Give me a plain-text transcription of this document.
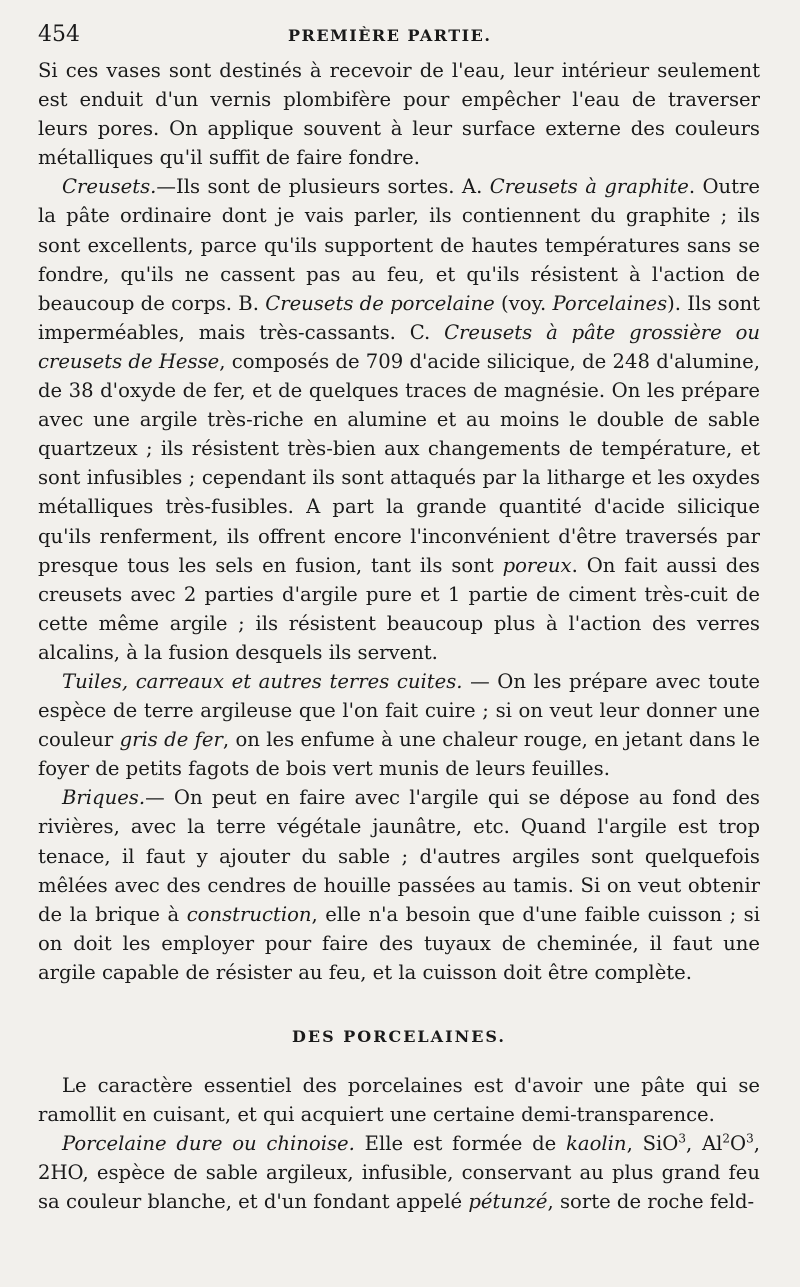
454	PREMIÈRE PARTIE.

Si ces vases sont destinés à recevoir de l'eau, leur intérieur seulement est enduit d'un vernis plombifère pour empêcher l'eau de traverser leurs pores. On applique souvent à leur surface externe des couleurs métalliques qu'il suffit de faire fondre.

Creusets.—Ils sont de plusieurs sortes. A. Creusets à graphite. Outre la pâte ordinaire dont je vais parler, ils contiennent du graphite ; ils sont excellents, parce qu'ils supportent de hautes températures sans se fondre, qu'ils ne cassent pas au feu, et qu'ils résistent à l'action de beaucoup de corps. B. Creusets de porcelaine (voy. Porcelaines). Ils sont imperméables, mais très-cassants. C. Creusets à pâte grossière ou creusets de Hesse, composés de 709 d'acide silicique, de 248 d'alumine, de 38 d'oxyde de fer, et de quelques traces de magnésie. On les prépare avec une argile très-riche en alumine et au moins le double de sable quartzeux ; ils résistent très-bien aux changements de température, et sont infusibles ; cependant ils sont attaqués par la litharge et les oxydes métalliques très-fusibles. A part la grande quantité d'acide silicique qu'ils renferment, ils offrent encore l'inconvénient d'être traversés par presque tous les sels en fusion, tant ils sont poreux. On fait aussi des creusets avec 2 parties d'argile pure et 1 partie de ciment très-cuit de cette même argile ; ils résistent beaucoup plus à l'action des verres alcalins, à la fusion desquels ils servent.

Tuiles, carreaux et autres terres cuites. — On les prépare avec toute espèce de terre argileuse que l'on fait cuire ; si on veut leur donner une couleur gris de fer, on les enfume à une chaleur rouge, en jetant dans le foyer de petits fagots de bois vert munis de leurs feuilles.

Briques.— On peut en faire avec l'argile qui se dépose au fond des rivières, avec la terre végétale jaunâtre, etc. Quand l'argile est trop tenace, il faut y ajouter du sable ; d'autres argiles sont quelquefois mêlées avec des cendres de houille passées au tamis. Si on veut obtenir de la brique à construction, elle n'a besoin que d'une faible cuisson ; si on doit les employer pour faire des tuyaux de cheminée, il faut une argile capable de résister au feu, et la cuisson doit être complète.

DES PORCELAINES.

Le caractère essentiel des porcelaines est d'avoir une pâte qui se ramollit en cuisant, et qui acquiert une certaine demi-transparence.

Porcelaine dure ou chinoise. Elle est formée de kaolin, SiO$^3$, $Al^2O^3$, 2HO, espèce de sable argileux, infusible, conservant au plus grand feu sa couleur blanche, et d'un fondant appelé pétunzé, sorte de roche feld-
